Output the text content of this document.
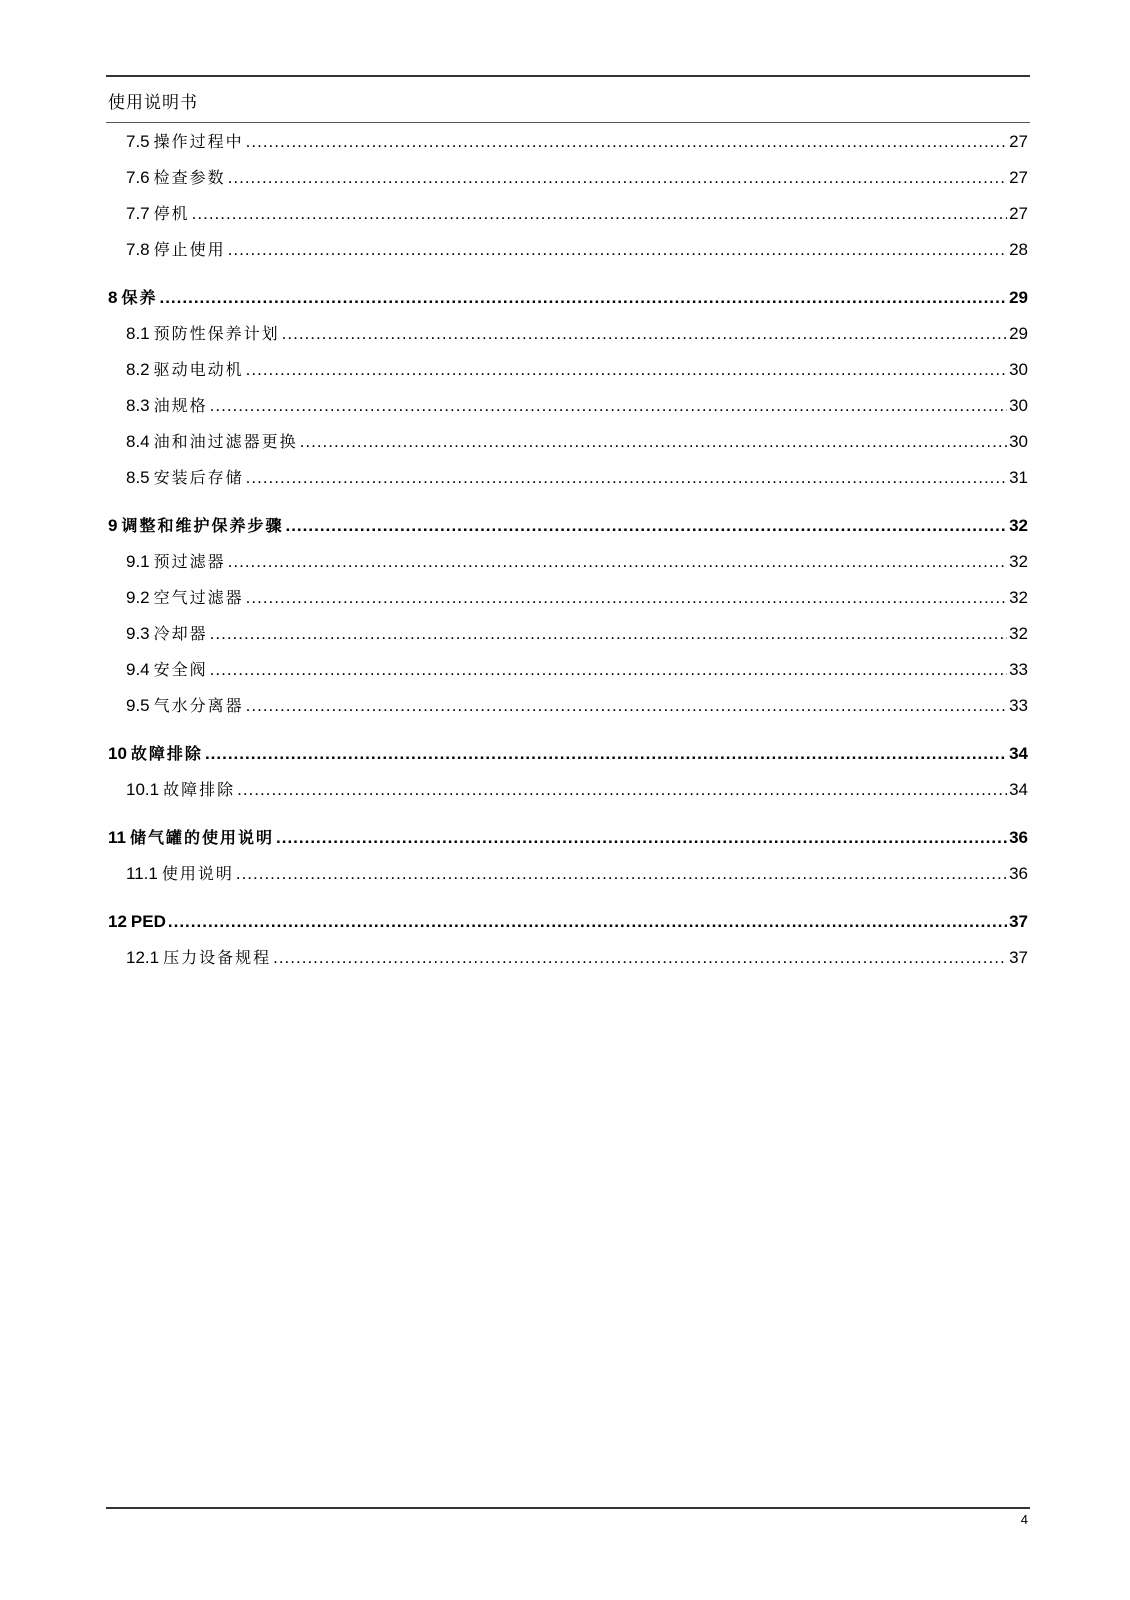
使用说明书
7.5 操作过程中 .....	27
7.6 检查参数 .....	27
7.7 停机 .....	27
7.8 停止使用 .....	28
8 保养 .....	29
8.1 预防性保养计划 .....	29
8.2 驱动电动机 .....	30
8.3 油规格 .....	30
8.4 油和油过滤器更换 .....	30
8.5 安装后存储 .....	31
9 调整和维护保养步骤 .....	32
9.1 预过滤器 .....	32
9.2 空气过滤器 .....	32
9.3 冷却器 .....	32
9.4 安全阀 .....	33
9.5 气水分离器 .....	33
10 故障排除 .....	34
10.1 故障排除 .....	34
11 储气罐的使用说明 .....	36
11.1 使用说明 .....	36
12 PED .....	37
12.1 压力设备规程 .....	37
4
